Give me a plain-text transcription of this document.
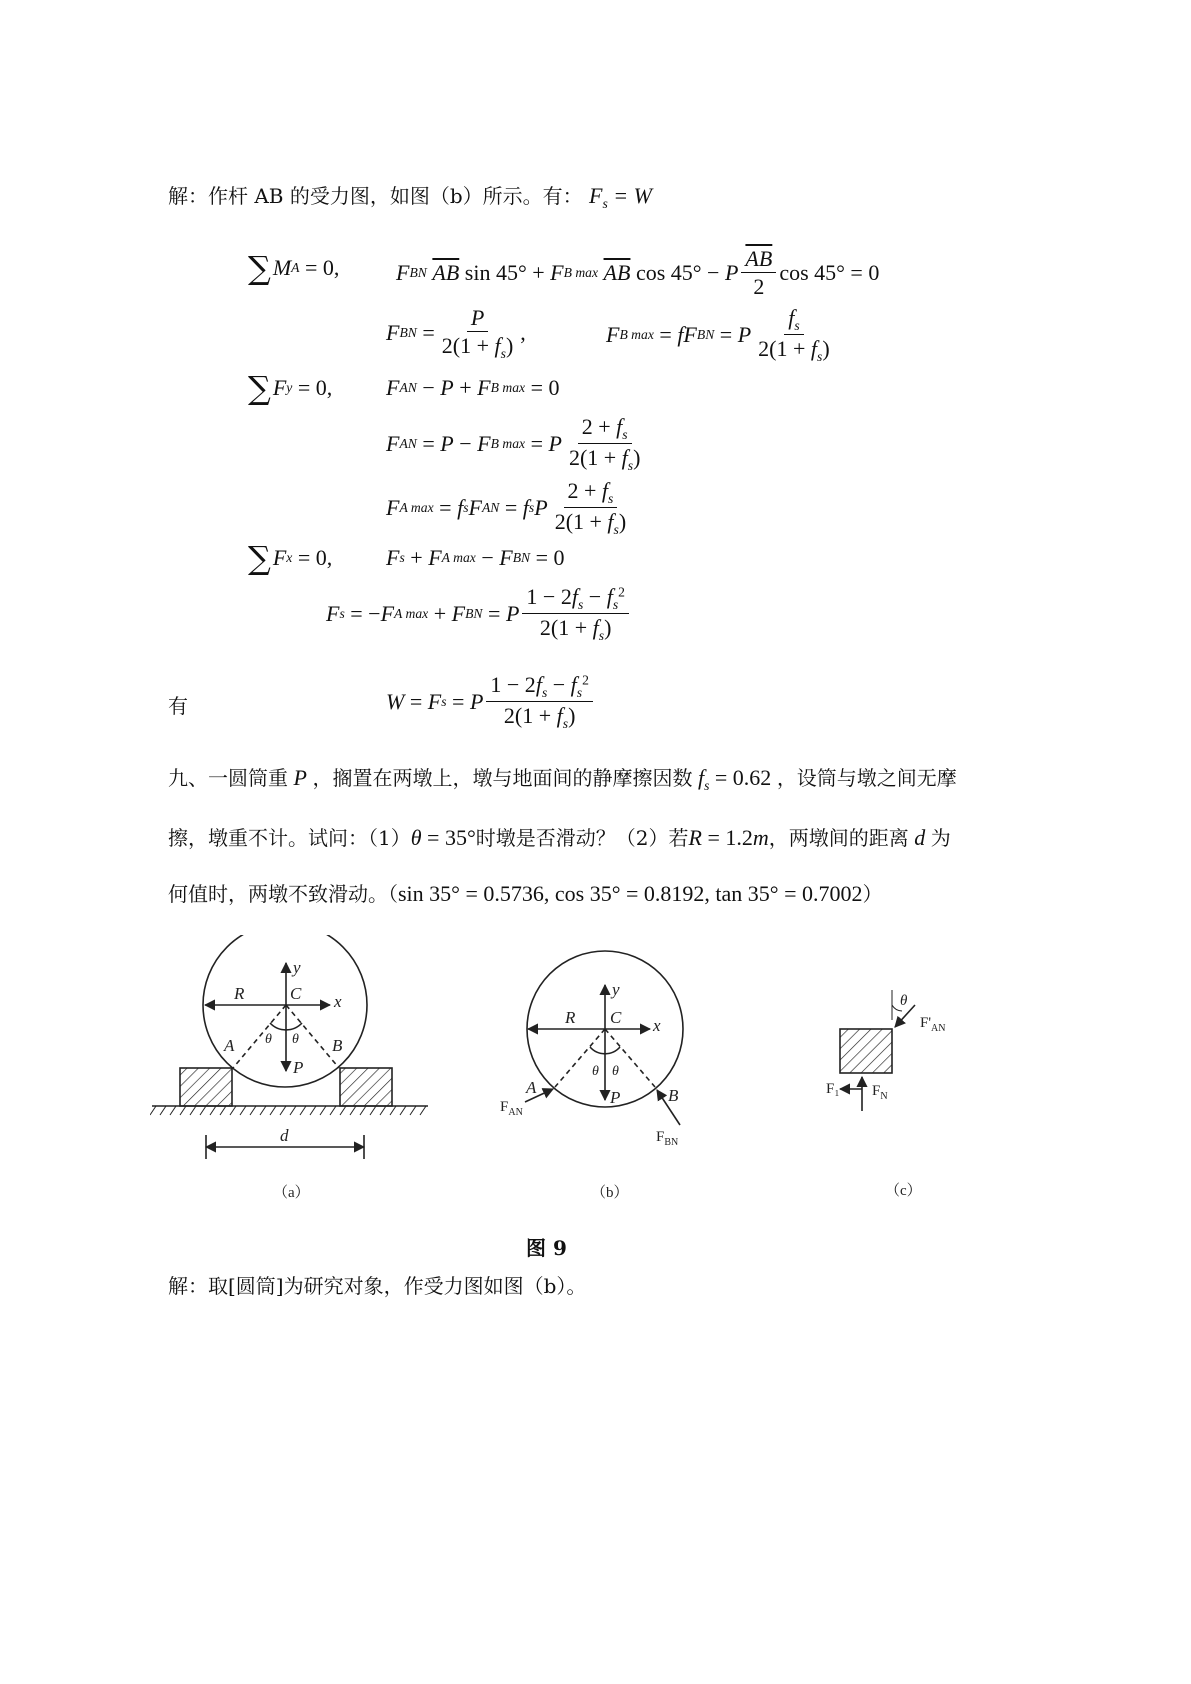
解：作杆 AB 的受力图，如图（b）所示。有： $F_s = W$
∑ M A = 0,	F BN
$\overline{AB}$ sin 45° + F B max
$\overline{AB}$ cos 45° − P $\frac{\overline{AB}}{2}$ cos 45° = 0
F BN = $\frac{P}{2(1 + f_s)}$ ,	F B max = fF BN = P $\frac{f_s}{2(1 + f_s)}$
∑ F y = 0, F AN − P + F B max = 0
F AN = P − F B max = P $\frac{2 + f_s}{2(1 + f_s)}$
F A max = f s F AN = f s P $\frac{2 + f_s}{2(1 + f_s)}$
∑ F x = 0, F s + F A max − F BN = 0
F s = − F A max + F BN = P $\frac{1 - 2f_s - f_s^2}{2(1 + f_s)}$
有	W = F s = P $\frac{1 - 2f_s - f_s^2}{2(1 + f_s)}$
九、一圆筒重 P ，搁置在两墩上，墩与地面间的静摩擦因数 $f_s = 0.62$ ，设筒与墩之间无摩
擦，墩重不计。试问：（1）θ = 35°时墩是否滑动？（2）若R = 1.2m，两墩间的距离 d 为
何值时，两墩不致滑动。（sin 35° = 0.5736, cos 35° = 0.8192, tan 35° = 0.7002）
R	C x
y
A	B
P
θ θ
d
（a）
R C x
y
A	B
P
θ θ
$F_{AN}$
$F_{BN}$
（b）
θ
$F'_{AN}$
F₁ $F_N$
（c）
图 9
解：取[圆筒]为研究对象，作受力图如图（b）。
